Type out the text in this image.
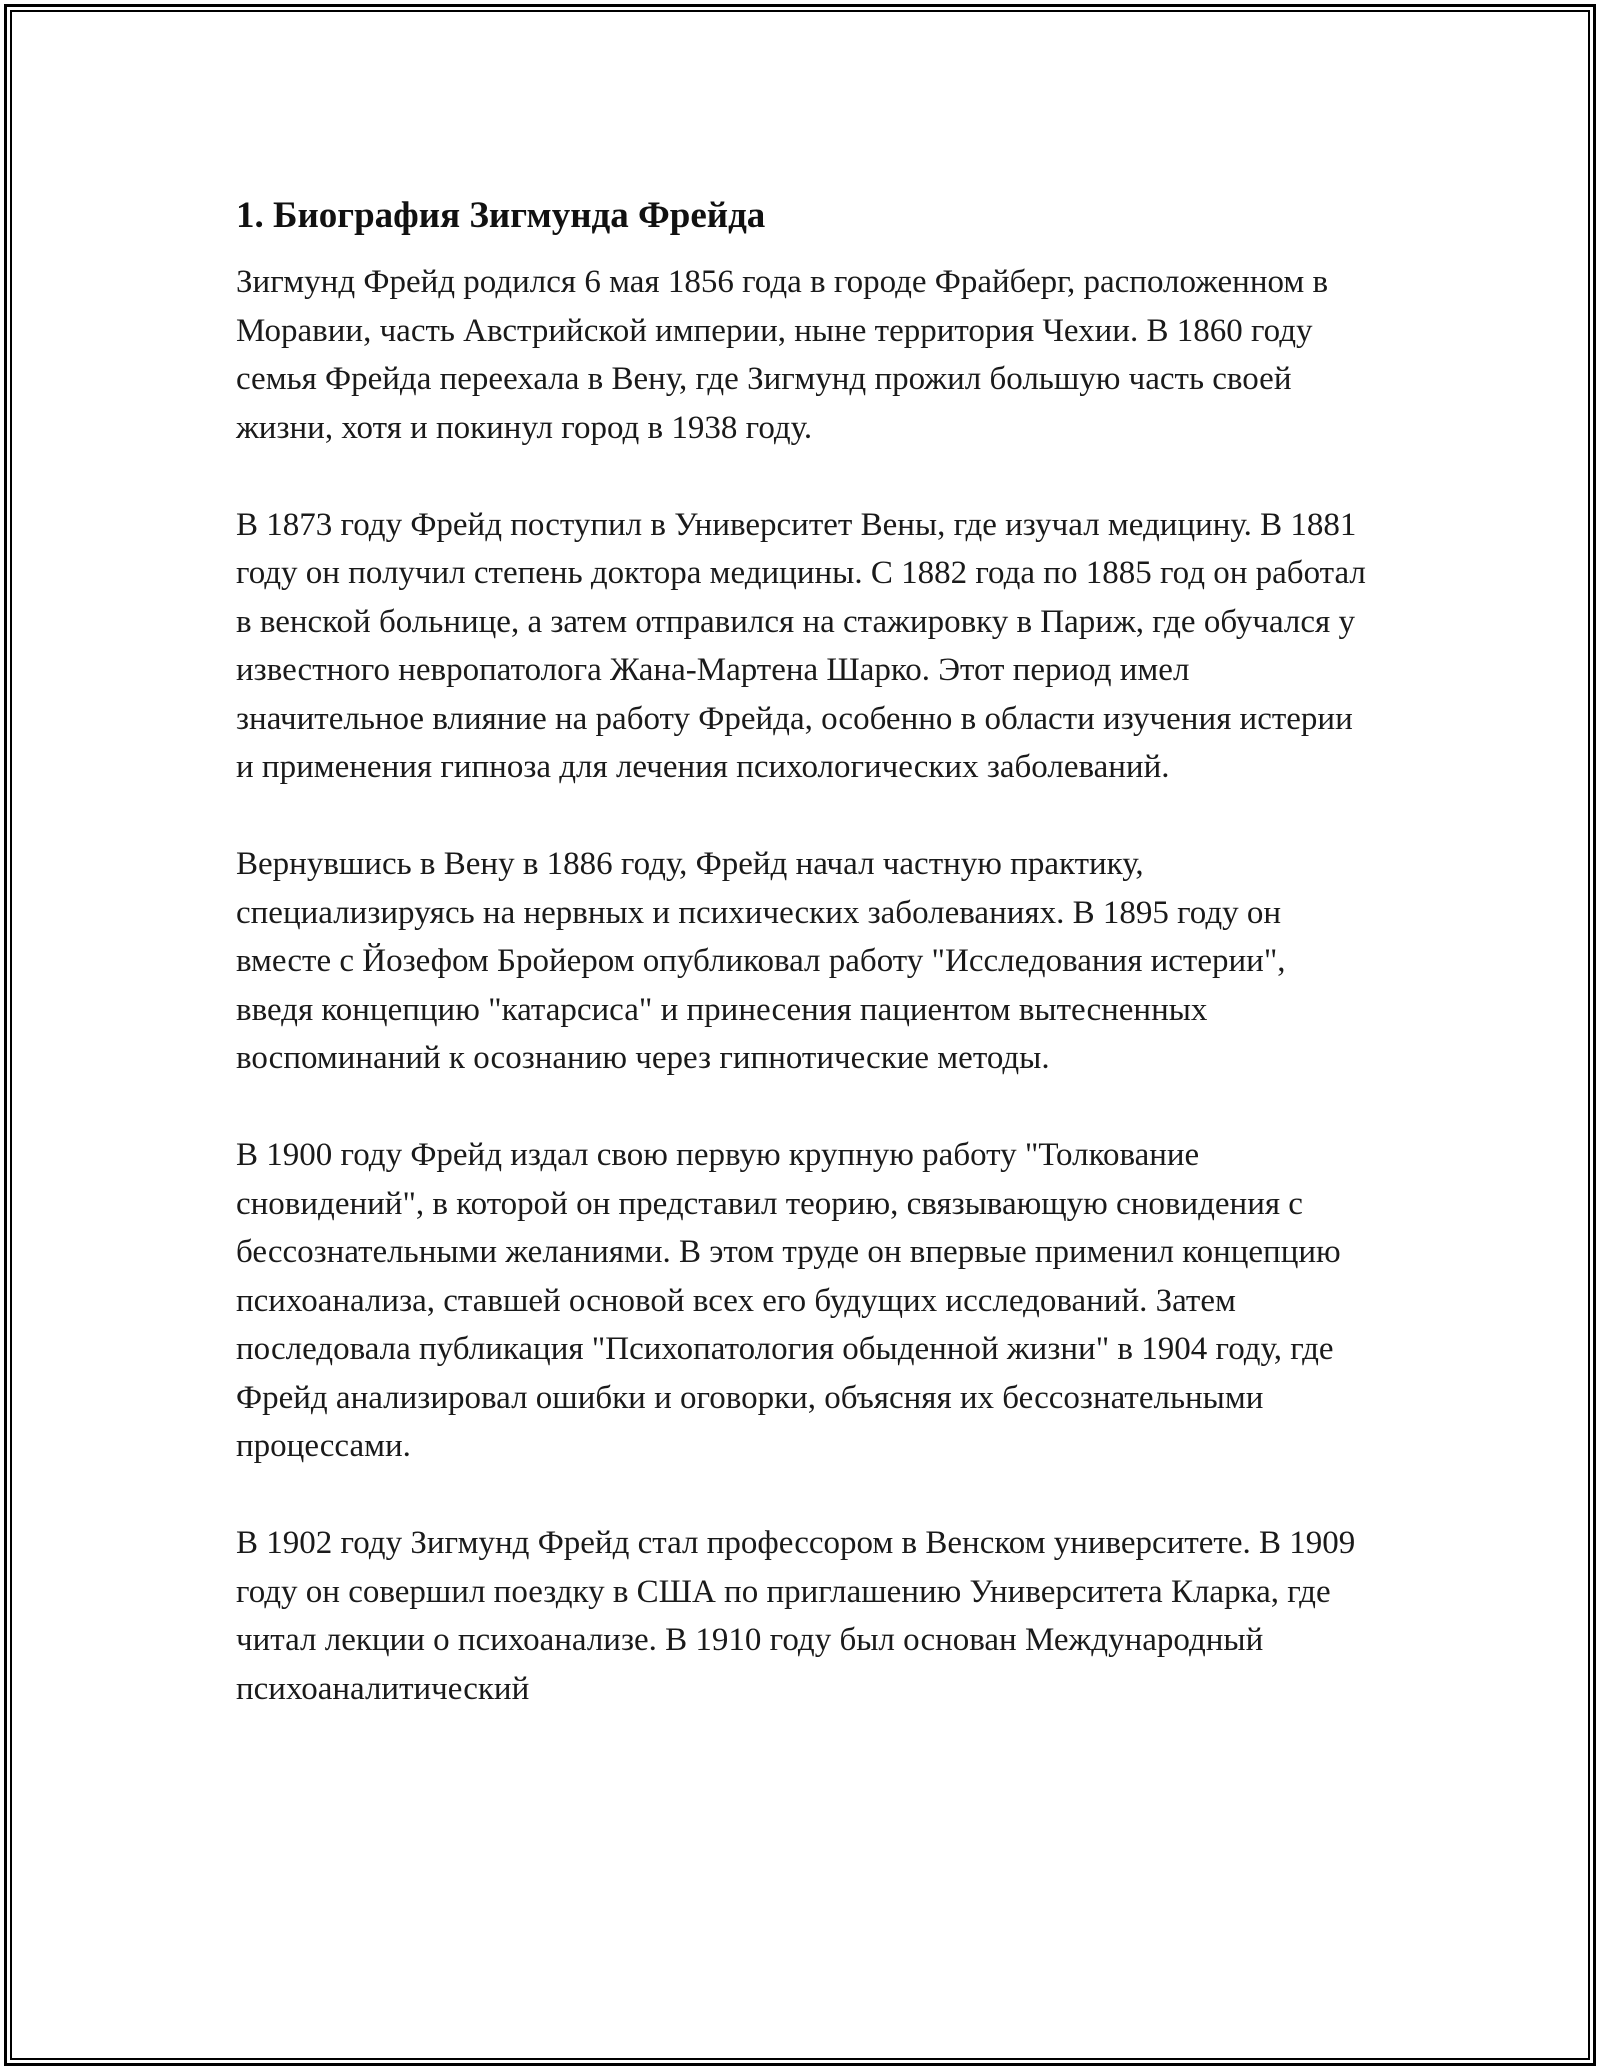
1. Биография Зигмунда Фрейда

Зигмунд Фрейд родился 6 мая 1856 года в городе Фрайберг, расположенном в Моравии, часть Австрийской империи, ныне территория Чехии. В 1860 году семья Фрейда переехала в Вену, где Зигмунд прожил большую часть своей жизни, хотя и покинул город в 1938 году.

В 1873 году Фрейд поступил в Университет Вены, где изучал медицину. В 1881 году он получил степень доктора медицины. С 1882 года по 1885 год он работал в венской больнице, а затем отправился на стажировку в Париж, где обучался у известного невропатолога Жана-Мартена Шарко. Этот период имел значительное влияние на работу Фрейда, особенно в области изучения истерии и применения гипноза для лечения психологических заболеваний.

Вернувшись в Вену в 1886 году, Фрейд начал частную практику, специализируясь на нервных и психических заболеваниях. В 1895 году он вместе с Йозефом Бройером опубликовал работу "Исследования истерии", введя концепцию "катарсиса" и принесения пациентом вытесненных воспоминаний к осознанию через гипнотические методы.

В 1900 году Фрейд издал свою первую крупную работу "Толкование сновидений", в которой он представил теорию, связывающую сновидения с бессознательными желаниями. В этом труде он впервые применил концепцию психоанализа, ставшей основой всех его будущих исследований. Затем последовала публикация "Психопатология обыденной жизни" в 1904 году, где Фрейд анализировал ошибки и оговорки, объясняя их бессознательными процессами.

В 1902 году Зигмунд Фрейд стал профессором в Венском университете. В 1909 году он совершил поездку в США по приглашению Университета Кларка, где читал лекции о психоанализе. В 1910 году был основан Международный психоаналитический
